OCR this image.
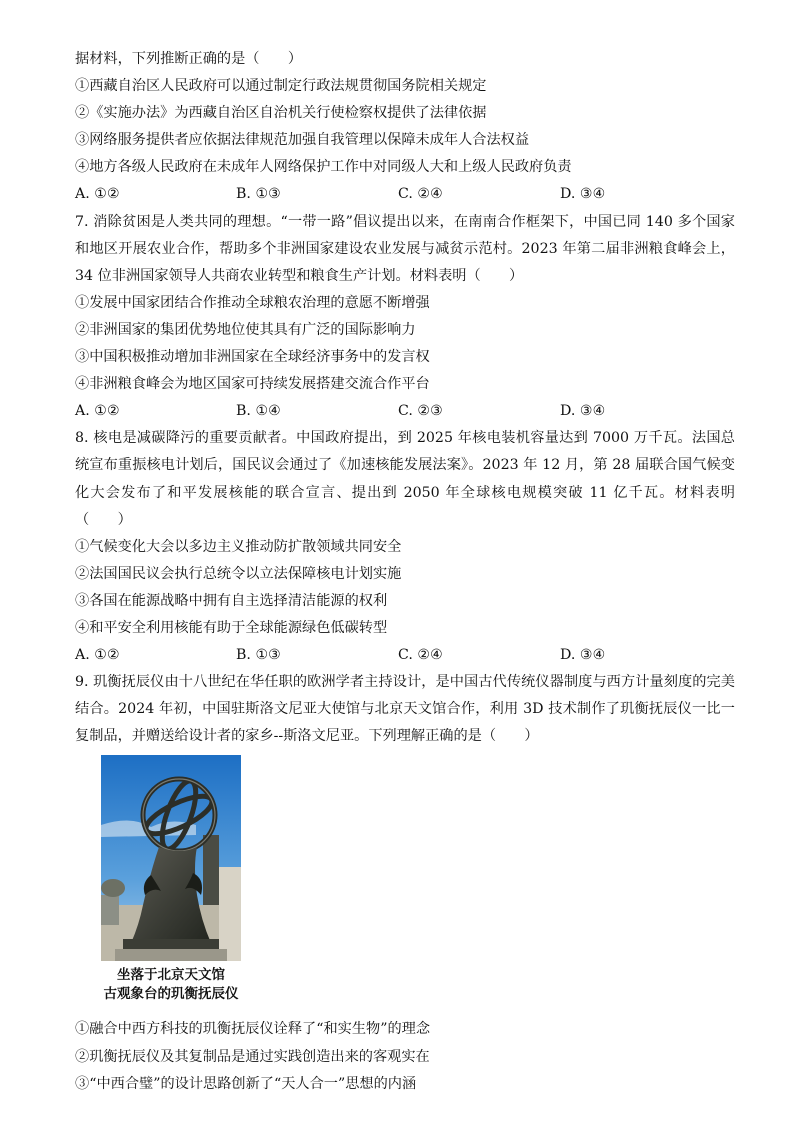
据材料，下列推断正确的是（　　）
①西藏自治区人民政府可以通过制定行政法规贯彻国务院相关规定
②《实施办法》为西藏自治区自治机关行使检察权提供了法律依据
③网络服务提供者应依据法律规范加强自我管理以保障未成年人合法权益
④地方各级人民政府在未成年人网络保护工作中对同级人大和上级人民政府负责
A. ①②	B. ①③	C. ②④	D. ③④
7. 消除贫困是人类共同的理想。“一带一路”倡议提出以来，在南南合作框架下，中国已同 140 多个国家和地区开展农业合作，帮助多个非洲国家建设农业发展与减贫示范村。2023 年第二届非洲粮食峰会上，34 位非洲国家领导人共商农业转型和粮食生产计划。材料表明（　　）
①发展中国家团结合作推动全球粮农治理的意愿不断增强
②非洲国家的集团优势地位使其具有广泛的国际影响力
③中国积极推动增加非洲国家在全球经济事务中的发言权
④非洲粮食峰会为地区国家可持续发展搭建交流合作平台
A. ①②	B. ①④	C. ②③	D. ③④
8. 核电是减碳降污的重要贡献者。中国政府提出，到 2025 年核电装机容量达到 7000 万千瓦。法国总统宣布重振核电计划后，国民议会通过了《加速核能发展法案》。2023 年 12 月，第 28 届联合国气候变化大会发布了和平发展核能的联合宣言、提出到 2050 年全球核电规模突破 11 亿千瓦。材料表明（　　）
①气候变化大会以多边主义推动防扩散领域共同安全
②法国国民议会执行总统令以立法保障核电计划实施
③各国在能源战略中拥有自主选择清洁能源的权利
④和平安全利用核能有助于全球能源绿色低碳转型
A. ①②	B. ①③	C. ②④	D. ③④
9. 玑衡抚辰仪由十八世纪在华任职的欧洲学者主持设计，是中国古代传统仪器制度与西方计量刻度的完美结合。2024 年初，中国驻斯洛文尼亚大使馆与北京天文馆合作，利用 3D 技术制作了玑衡抚辰仪一比一复制品，并赠送给设计者的家乡--斯洛文尼亚。下列理解正确的是（　　）
坐落于北京天文馆
古观象台的玑衡抚辰仪
①融合中西方科技的玑衡抚辰仪诠释了“和实生物”的理念
②玑衡抚辰仪及其复制品是通过实践创造出来的客观实在
③“中西合璧”的设计思路创新了“天人合一”思想的内涵
